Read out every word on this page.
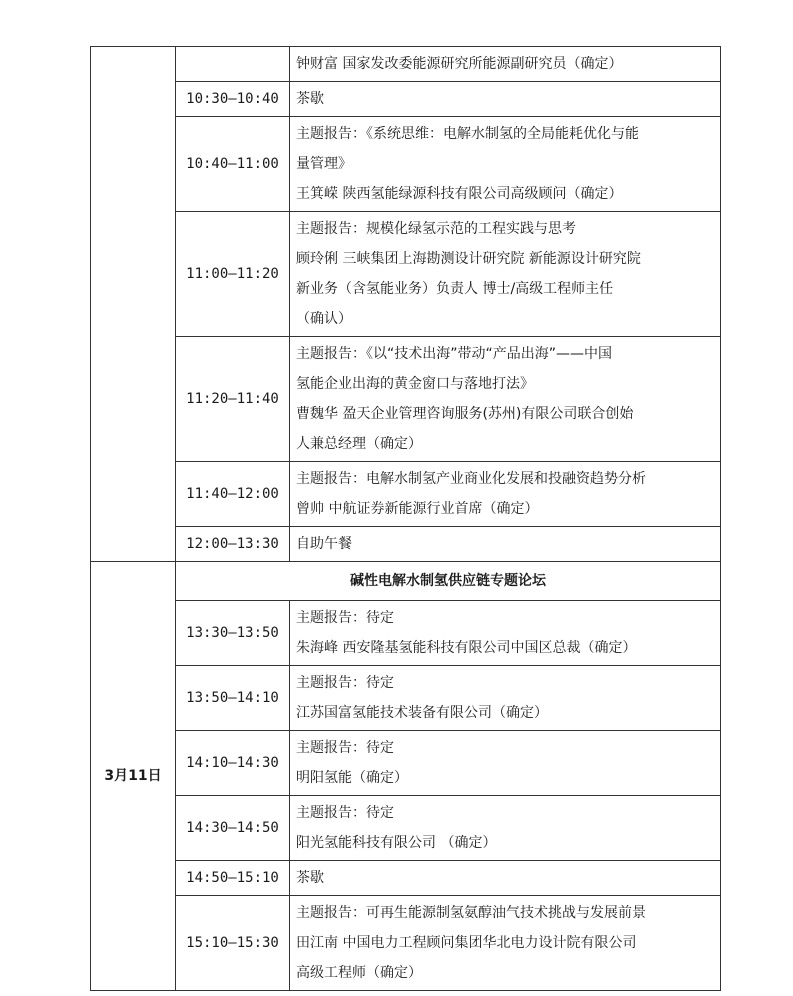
		钟财富 国家发改委能源研究所能源副研究员（确定）

	10:30—10:40	茶歇

	10:40—11:00	主题报告：《系统思维：电解水制氢的全局能耗优化与能
量管理》
王箕嵘 陕西氢能绿源科技有限公司高级顾问（确定）

	11:00—11:20	主题报告：规模化绿氢示范的工程实践与思考
顾玲俐 三峡集团上海勘测设计研究院 新能源设计研究院
新业务（含氢能业务）负责人 博士/高级工程师主任
（确认）

	11:20—11:40	主题报告：《以“技术出海”带动“产品出海”——中国
氢能企业出海的黄金窗口与落地打法》
曹魏华 盈天企业管理咨询服务(苏州)有限公司联合创始
人兼总经理（确定）

	11:40—12:00	主题报告：电解水制氢产业商业化发展和投融资趋势分析
曾帅 中航证券新能源行业首席（确定）

	12:00—13:30	自助午餐

3月11日	碱性电解水制氢供应链专题论坛	
	13:30—13:50	主题报告：待定
朱海峰 西安隆基氢能科技有限公司中国区总裁（确定）

	13:50—14:10	主题报告：待定
江苏国富氢能技术装备有限公司（确定）

	14:10—14:30	主题报告：待定
明阳氢能（确定）

	14:30—14:50	主题报告：待定
阳光氢能科技有限公司 （确定）

	14:50—15:10	茶歇

	15:10—15:30	主题报告：可再生能源制氢氨醇油气技术挑战与发展前景
田江南 中国电力工程顾问集团华北电力设计院有限公司
高级工程师（确定）
